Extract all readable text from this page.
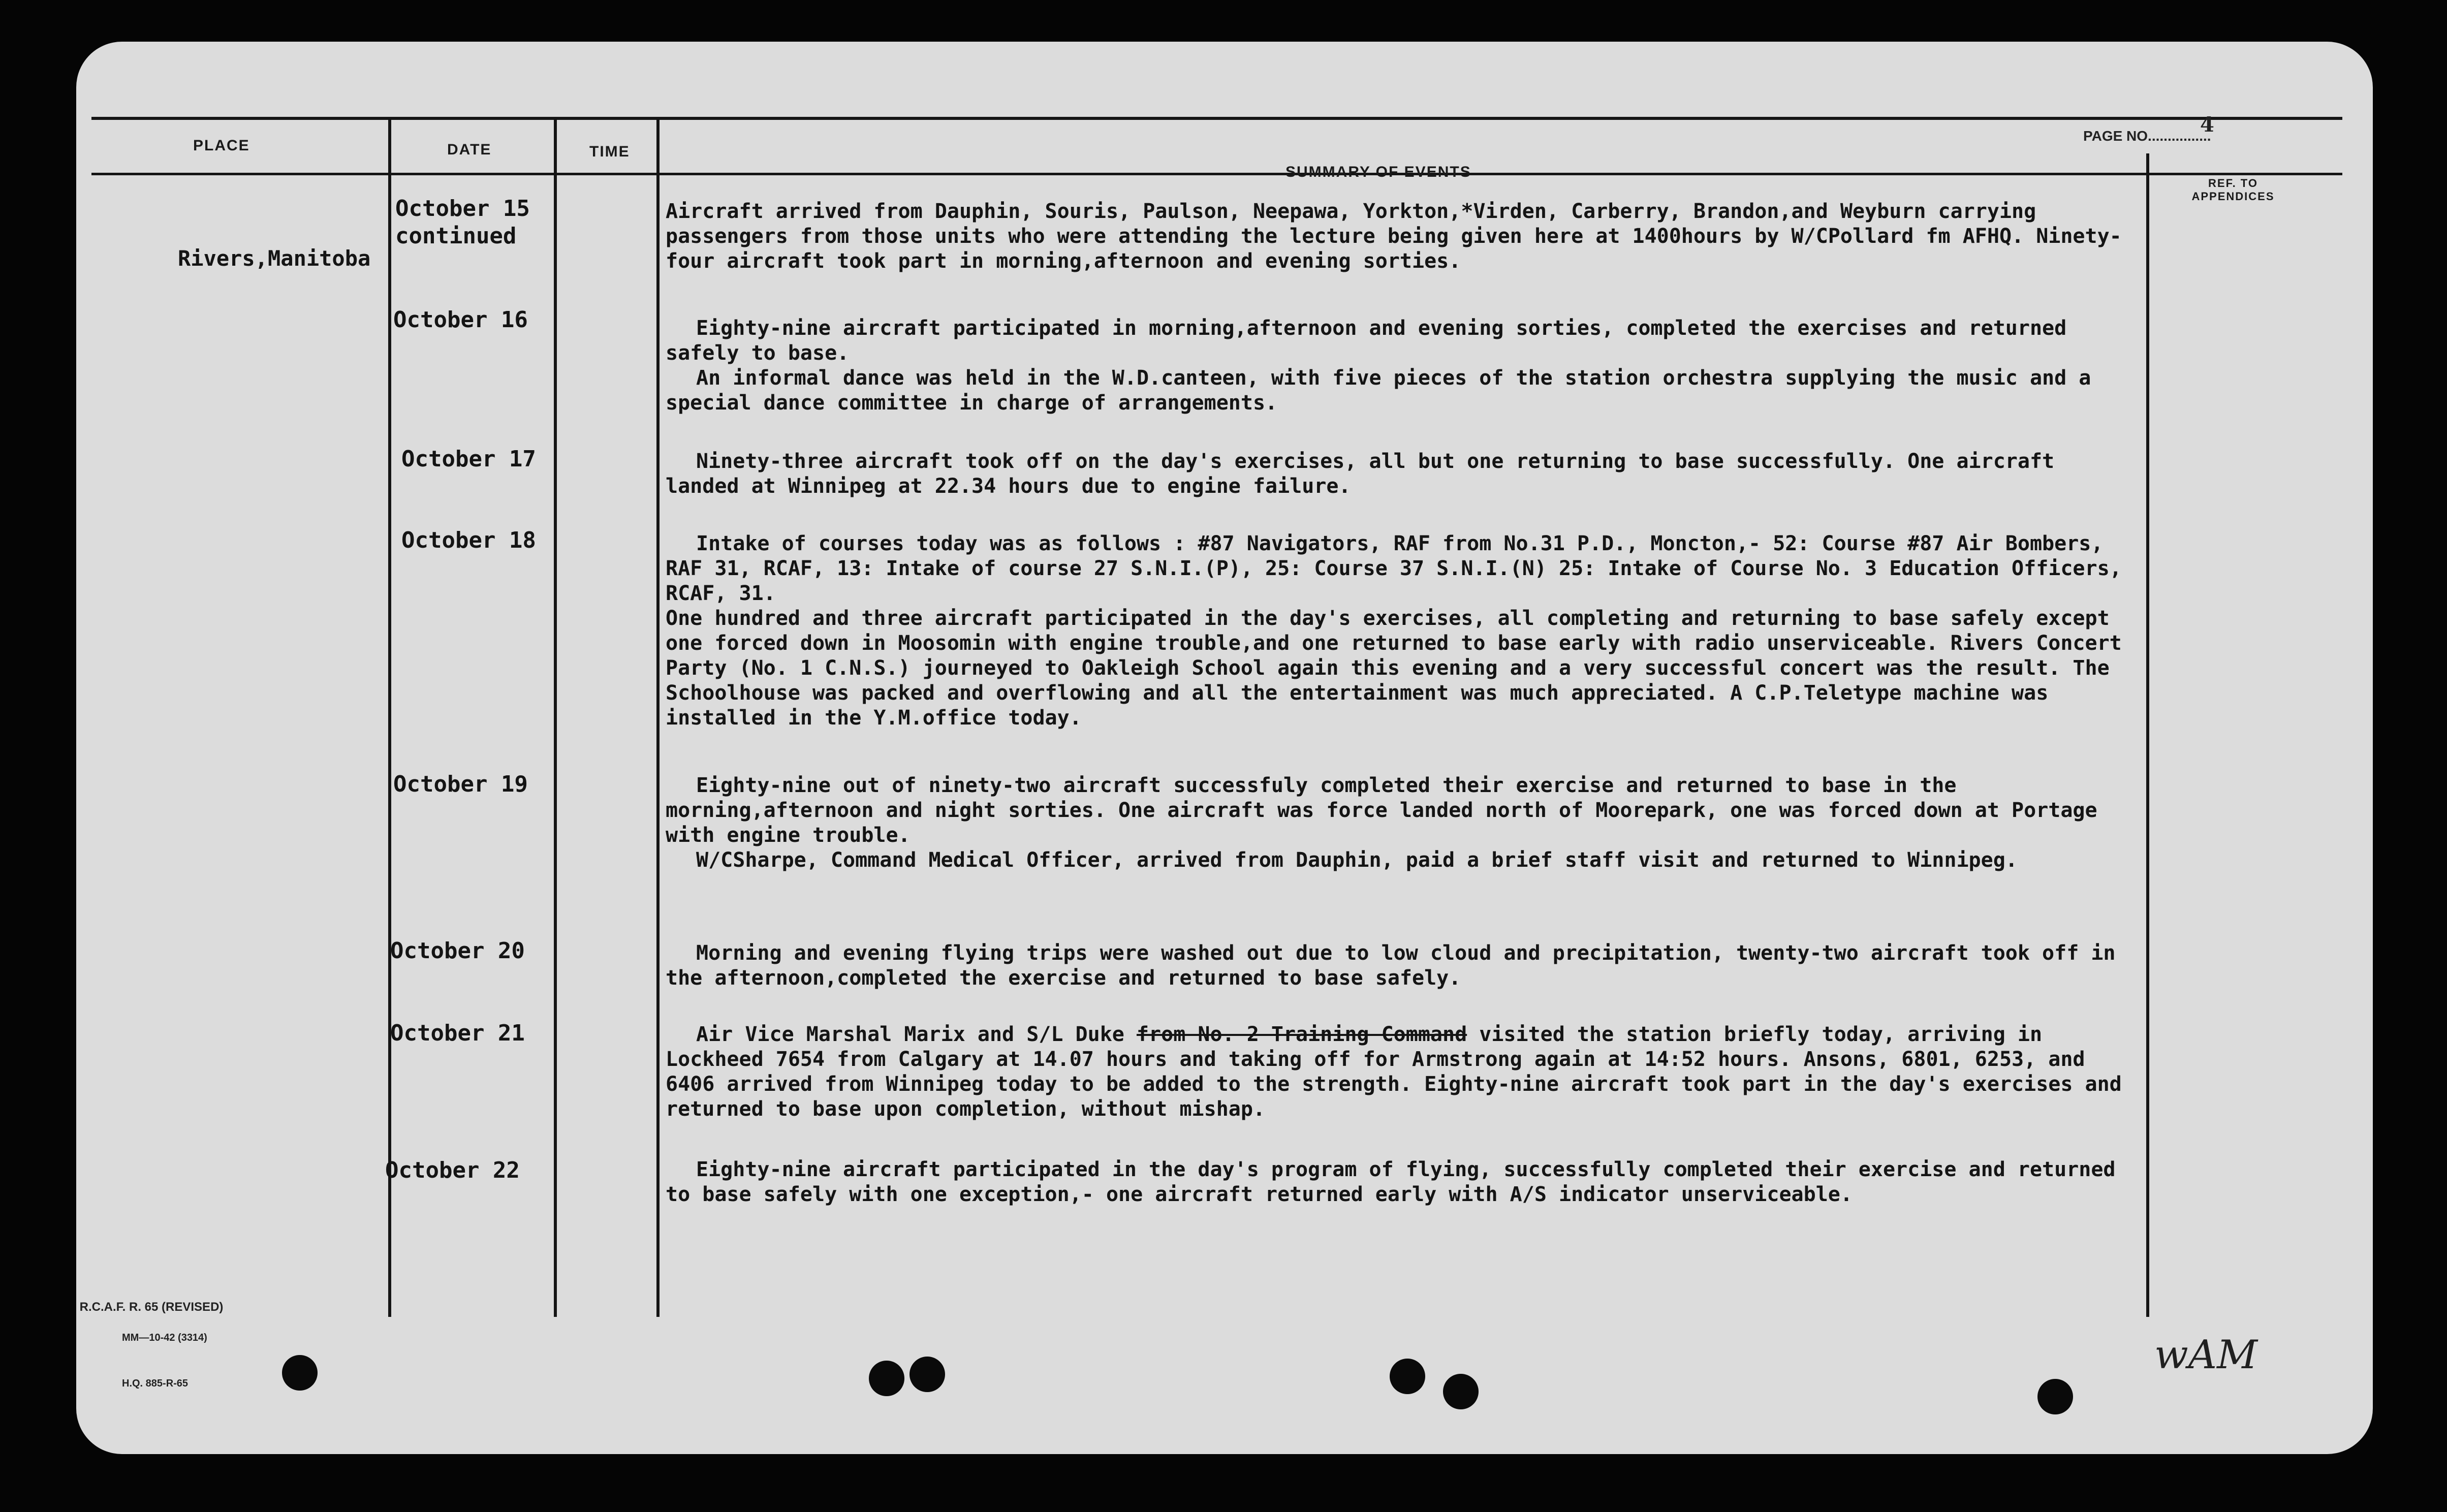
PLACE	DATE	TIME
SUMMARY OF EVENTS
REF. TO
APPENDICES
PAGE NO................
4
Rivers,Manitoba
October 15
continued
October 16
October 17
October 18
October 19
October 20
October 21
October 22

Aircraft arrived from Dauphin, Souris, Paulson, Neepawa, Yorkton,*Virden, Carberry, Brandon,and Weyburn carrying passengers from those units who were attending the lecture being given here at 1400hours by W/CPollard fm AFHQ. Ninety-four aircraft took part in morning,afternoon and evening sorties.

Eighty-nine aircraft participated in morning,afternoon and evening sorties, completed the exercises and returned safely to base.

An informal dance was held in the W.D.canteen, with five pieces of the station orchestra supplying the music and a special dance committee in charge of arrangements.

Ninety-three aircraft took off on the day's exercises, all but one returning to base successfully. One aircraft landed at Winnipeg at 22.34 hours due to engine failure.

Intake of courses today was as follows : #87 Navigators, RAF from No.31 P.D., Moncton,- 52: Course #87 Air Bombers, RAF 31, RCAF, 13: Intake of course 27 S.N.I.(P), 25: Course 37 S.N.I.(N) 25: Intake of Course No. 3 Education Officers, RCAF, 31.

One hundred and three aircraft participated in the day's exercises, all completing and returning to base safely except one forced down in Moosomin with engine trouble,and one returned to base early with radio unserviceable. Rivers Concert Party (No. 1 C.N.S.) journeyed to Oakleigh School again this evening and a very successful concert was the result. The Schoolhouse was packed and overflowing and all the entertainment was much appreciated. A C.P.Teletype machine was installed in the Y.M.office today.

Eighty-nine out of ninety-two aircraft successfuly completed their exercise and returned to base in the morning,afternoon and night sorties. One aircraft was force landed north of Moorepark, one was forced down at Portage with engine trouble.

W/CSharpe, Command Medical Officer, arrived from Dauphin, paid a brief staff visit and returned to Winnipeg.

Morning and evening flying trips were washed out due to low cloud and precipitation, twenty-two aircraft took off in the afternoon,completed the exercise and returned to base safely.

Air Vice Marshal Marix and S/L Duke from No. 2 Training Command visited the station briefly today, arriving in Lockheed 7654 from Calgary at 14.07 hours and taking off for Armstrong again at 14:52 hours. Ansons, 6801, 6253, and 6406 arrived from Winnipeg today to be added to the strength. Eighty-nine aircraft took part in the day's exercises and returned to base upon completion, without mishap.

Eighty-nine aircraft participated in the day's program of flying, successfully completed their exercise and returned to base safely with one exception,- one aircraft returned early with A/S indicator unserviceable.

R.C.A.F. R. 65 (REVISED)

MM—10-42 (3314)

H.Q. 885-R-65

wAM
